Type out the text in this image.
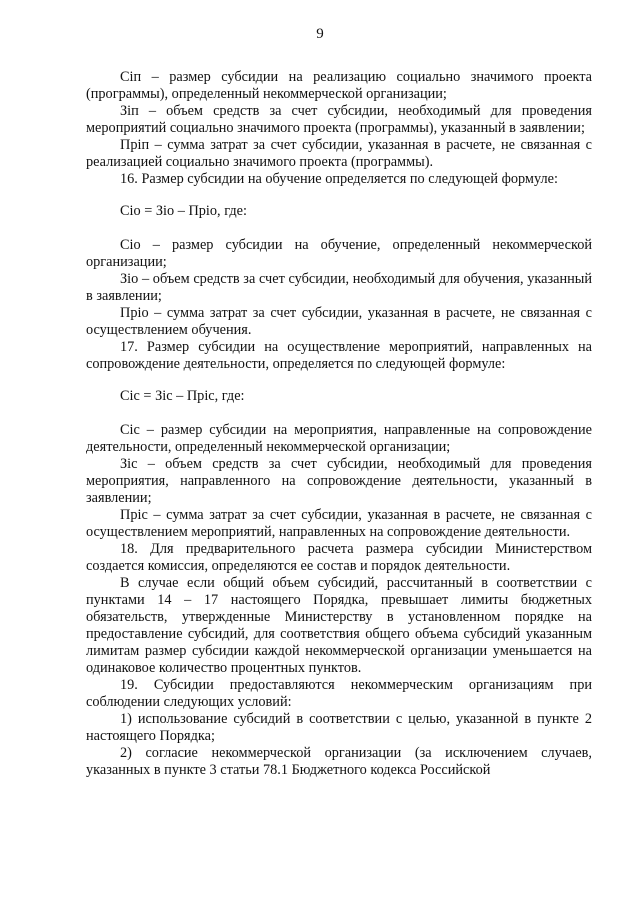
9

Сiп – размер субсидии на реализацию социально значимого проекта (программы), определенный некоммерческой организации;

Зiп – объем средств за счет субсидии, необходимый для проведения мероприятий социально значимого проекта (программы), указанный в заявлении;

Прiп – сумма затрат за счет субсидии, указанная в расчете, не связанная с реализацией социально значимого проекта (программы).

16. Размер субсидии на обучение определяется по следующей формуле:

Сio = Зio – Прio, где:

Сio – размер субсидии на обучение, определенный некоммерческой организации;

Зio – объем средств за счет субсидии, необходимый для обучения, указанный в заявлении;

Прio – сумма затрат за счет субсидии, указанная в расчете, не связанная с осуществлением обучения.

17. Размер субсидии на осуществление мероприятий, направленных на сопровождение деятельности, определяется по следующей формуле:

Сiс = Зiс – Прiс, где:

Сiс – размер субсидии на мероприятия, направленные на сопровождение деятельности, определенный некоммерческой организации;

Зiс – объем средств за счет субсидии, необходимый для проведения мероприятия, направленного на сопровождение деятельности, указанный в заявлении;

Прiс – сумма затрат за счет субсидии, указанная в расчете, не связанная с осуществлением мероприятий, направленных на сопровождение деятельности.

18. Для предварительного расчета размера субсидии Министерством создается комиссия, определяются ее состав и порядок деятельности.

В случае если общий объем субсидий, рассчитанный в соответствии с пунктами 14 – 17 настоящего Порядка, превышает лимиты бюджетных обязательств, утвержденные Министерству в установленном порядке на предоставление субсидий, для соответствия общего объема субсидий указанным лимитам размер субсидии каждой некоммерческой организации уменьшается на одинаковое количество процентных пунктов.

19. Субсидии предоставляются некоммерческим организациям при соблюдении следующих условий:

1) использование субсидий в соответствии с целью, указанной в пункте 2 настоящего Порядка;

2) согласие некоммерческой организации (за исключением случаев, указанных в пункте 3 статьи 78.1 Бюджетного кодекса Российской
